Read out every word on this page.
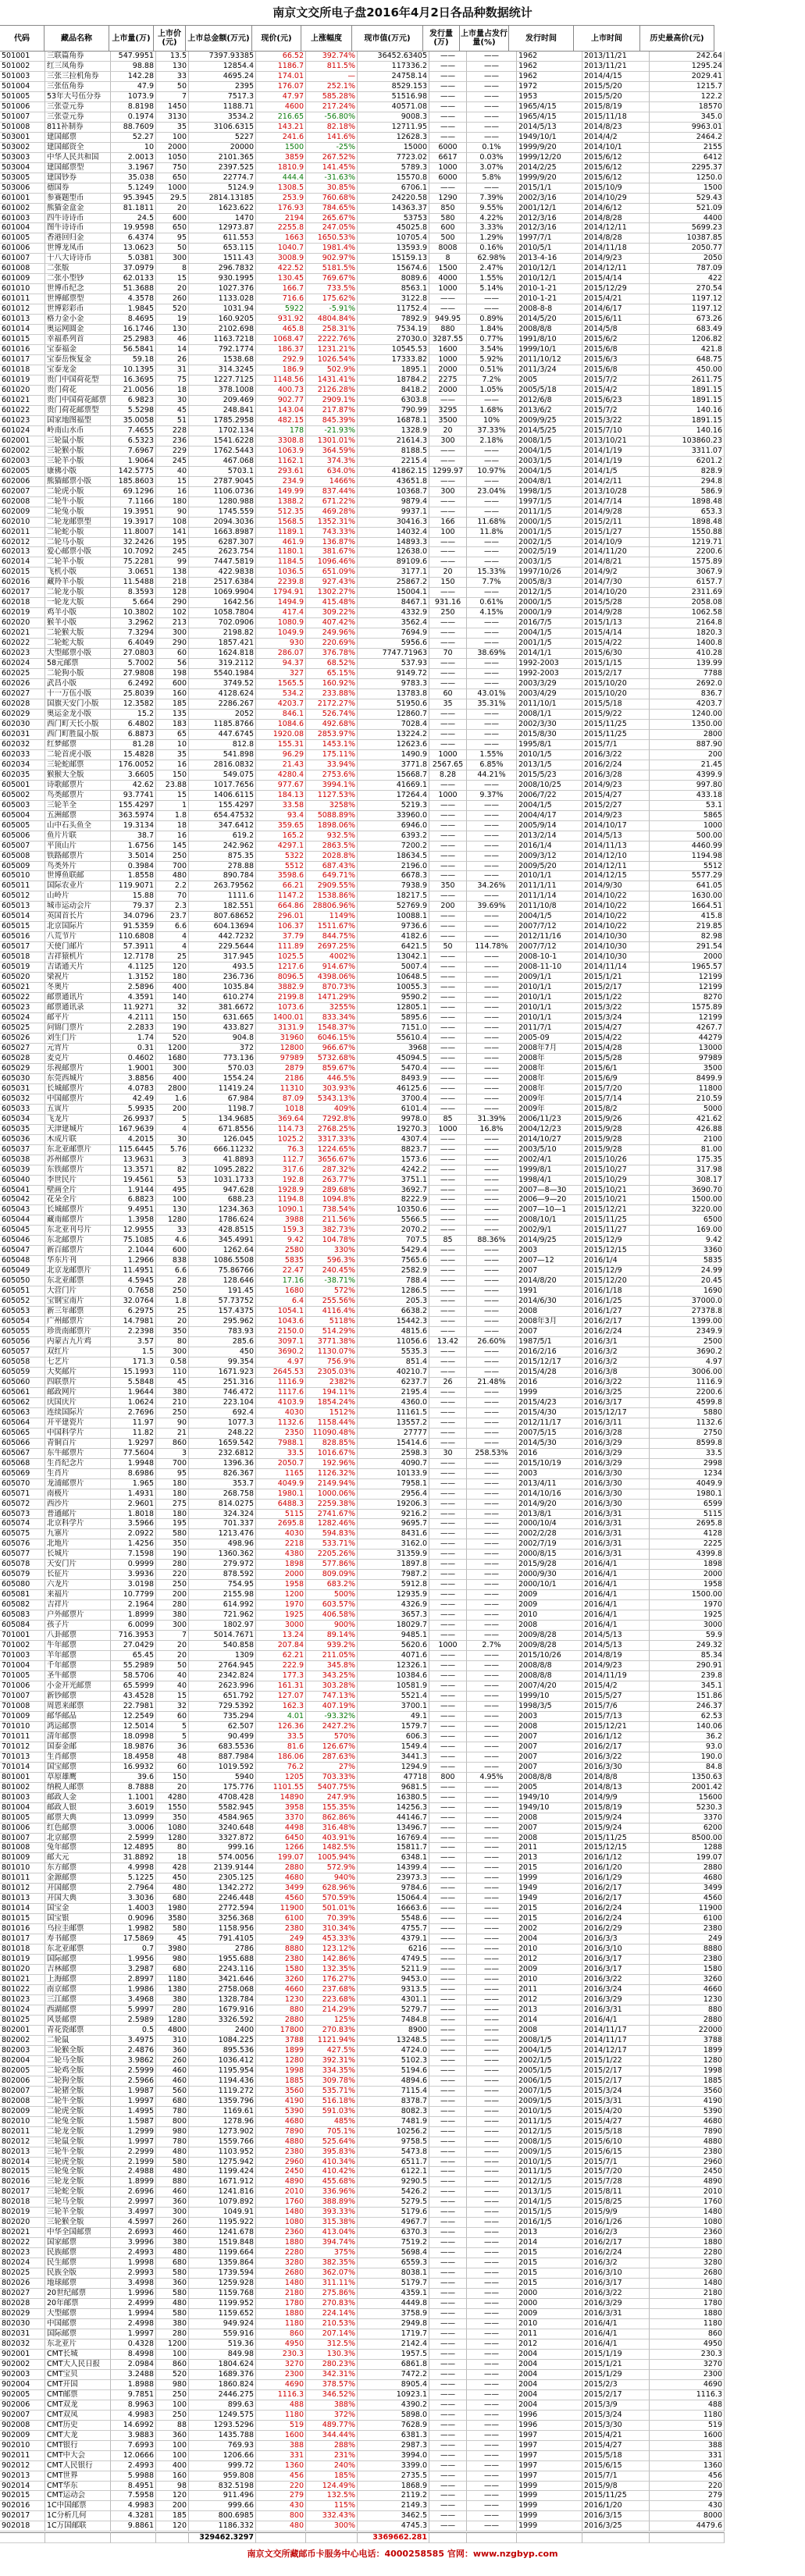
南京文交所电子盘2016年4月2日各品种数据统计
代码	藏品名称	上市量(万) 上市价(元)	上市总金额(万元)	现价(元)	上涨幅度	现市值(万元)	发行量(万)
上市量占发行量(%)	发行时间	上市时间	历史最高价(元)
501001	三联篇角券	547.9951	13.5	7397.93385	66.52	392.74%	36452.63405	——	——	1962	2013/11/21	242.64
501002	红三凤角券	98.88	130	12854.4	1186.7	811.5%	117336.2	——	——	1962	2013/11/21	1295.24
501003	三张三拉机角券	142.28	33	4695.24	174.01	—	24758.14	——	——	1962	2014/4/15	2029.41
501004	三张伍角券	47.9	50	2395	176.07	252.1%	8529.153	——	——	1972	2015/5/20	1215.7
501005	53年大号伍分券	1073.9	7	7517.3	47.97	585.28%	51516.98	——	——	1953	2015/5/20	122.2
501006	三张壹元券	8.8198	1450	1188.71	4600	217.24%	40571.08	——	——	1965/4/15	2015/8/19	18570
501007	三张壹元券	0.1974	3130	3534.2	216.65	-56.80%	9008.3	——	——	1965/4/15	2015/11/18	345.0
501008	811补制券	88.7609	35	3106.6315	143.21	82.18%	12711.95	——	——	2014/5/13	2014/8/23	9963.01
503001	建国邮票	52.27	100	5227	241.6	141.6%	12628.3	——	——	1949/10/1	2014/4/2	2464.2
503002	建国邮资全	10	2000	20000	1500	-25%	15000	6000	0.1%	1999/9/20	2014/10/1	2155
503003	中华人民共和国	2.0013	1050	2101.365	3859	267.52%	7723.02	6617	0.03%	1999/12/20	2015/6/12	6412
503004	建国邮票型	3.1967	750	2397.525	1810.9	141.45%	5789.3	1000	3.07%	2014/2/25	2015/6/12	2295.37
503005	建国钞券	35.038	650	22774.7	444.4	-31.63%	15570.8	6000	5.8%	1999/9/20	2015/6/12	1250.0
503006	德国券	5.1249	1000	5124.9	1308.5	30.85%	6706.1	——	——	2015/1/1	2015/10/9	1500
601001	参赛题型币	95.3945	29.5	2814.13185	253.9	760.68%	24220.58	1290	7.39%	2002/3/16	2014/10/29	529.43
601002	熊猫金盒金	81.1811	20	1623.622	176.93	784.65%	14363.37	850	9.55%	2001/12/1	2014/6/12	521.09
601003	四牛诗诗币	24.5	600	1470	2194	265.67%	53753	580	4.22%	2012/3/16	2014/8/28	4400
601004	图牛诗诗币	19.9598	650	12973.87	2255.8	247.05%	45025.8	600	3.33%	2012/3/16	2014/12/11	5699.23
601005	香港回归金	6.4374	95	611.553	1663	1650.53%	10705.4	500	1.29%	1997/7/1	2014/8/28	10387.85
601006	世博龙凤币	13.0623	50	653.115	1040.7	1981.4%	13593.9	8008	0.16%	2010/5/1	2014/11/18	2050.77
601007	十八大诗诗币	5.0381	300	1511.43	3008.9	902.97%	15159.13	8	62.98%	2013-4-16	2014/9/23	2050
601008	二张版	37.0979	8	296.7832	422.52	5181.5%	15674.6	1500	2.47%	2010/12/1	2014/12/11	787.09
601009	二张小型钞	62.0133	15	930.1995	130.45	769.67%	8089.6	4000	1.55%	2010/12/1	2015/4/14	422
601010	世博币纪念	51.3688	20	1027.376	166.7	733.5%	8563.1	1000	5.14%	2010-1-21	2015/12/29	270.54
601011	世博邮票型	4.3578	260	1133.028	716.6	175.62%	3122.8	——	——	2010-1-21	2015/4/21	1197.12
601012	世博彩彩币	1.9845	520	1031.94	5922	-5.91%	11752.4	——	——	2008-8-8	2014/6/17	1197.12
601013	格力金小金	8.4695	19	160.9205	931.92	4804.84%	7892.9	949.95	0.89%	2014/5/20	2015/6/11	673.26
601014	奥运网圆金	16.1746	130	2102.698	465.8	258.31%	7534.19	880	1.84%	2008/8/8	2014/5/8	683.49
601015	幸福系列首	25.2983	46	1163.7218	1068.47	2222.76%	27030.0 3287.55	0.77%	1991/8/10	2015/6/2	1206.82
601016	宝泰福金	56.5841	14	792.1774	186.37	1231.21%	10545.53	1600	3.54%	1999/10/1	2015/6/8	421.8
601017	宝泰岳恢复金	59.18	26	1538.68	292.9	1026.54%	17333.82	1000	5.92%	2011/10/12	2015/6/3	648.75
601018	宝泰龙金	10.1395	31	314.3245	186.9	502.9%	1895.1	2000	0.51%	2011/3/24	2015/6/8	450.00
601019	贵门中国荷花型	16.3695	75	1227.7125	1148.56	1431.41%	18784.2	2275	7.2%	2005	2015/7/2	2611.75
601020	贵门荷花	21.0056	18	378.1008	400.73	2126.28%	8418.2	2000	1.05%	2005/5/18	2015/4/2	1891.15
601021	贵门中国荷花邮票	6.9823	30	209.469	902.77	2909.1%	6303.8	——	——	2012/6/8	2015/6/23	1891.15
601022	贵门荷花邮票型	5.5298	45	248.841	143.04	217.87%	790.99	3295	1.68%	2013/6/2	2015/7/2	140.16
601023	国家地图福型	35.0058	51	1785.2958	482.15	845.39%	16878.1	3500	10%	2009/9/25	2015/3/22	1891.15
601024	岭南山水币	7.4655	228	1702.134	178	-21.93%	1328.9	20	37.33%	2014/5/25	2015/7/10	140.16
602001	三轮鼠小版	6.5323	236	1541.6228	3308.8	1301.01%	21614.3	300	2.18%	2008/1/5	2013/10/21	103860.23
602002	三轮猴小版	7.6967	229	1762.5443	1063.9	364.59%	8188.5	——	——	2004/1/5	2014/1/19	3311.07
602003	三轮羊小版	1.9064	245	467.068	1162.1	374.3%	2215.4	——	——	2003/1/5	2014/1/19	6201.2
602005	康佛小版	142.5775	40	5703.1	293.61	634.0%	41862.15 1299.97	10.97%	2004/1/5	2014/1/5	828.9
602006	熊猫邮票小版	185.8603	15	2787.9045	234.9	1466%	43651.8	——	——	2004/8/1	2014/2/11	294.8
602007	二轮虎小版	69.1296	16	1106.0736	149.99	837.44%	10368.7	300	23.04%	1998/1/5	2013/10/28	586.9
602008	二轮牛小版	7.1166	180	1280.988	1388.2	671.22%	9879.4	——	——	1997/1/5	2014/7/14	1898.48
602009	二轮兔小版	19.3951	90	1745.559	512.35	469.28%	9937.1	——	——	2011/1/5	2014/9/28	653.3
602010	二轮龙邮票型	19.3917	108	2094.3036	1568.5	1352.31%	30416.3	166	11.68%	2000/1/5	2015/2/11	1898.48
602011	二轮蛇小版	11.8007	141	1663.8987	1189.1	743.33%	14032.4	100	11.8%	2001/1/5	2015/1/27	1550.88
602012	二轮马小版	32.2426	195	6287.307	461.9	136.87%	14893.3	——	——	2002/1/5	2014/10/9	1219.71
602013	爱心邮票小版	10.7092	245	2623.754	1180.1	381.67%	12638.0	——	——	2002/5/19	2014/11/20	2200.6
602014	二轮羊小版	75.2281	99	7447.5819	1184.5	1096.46%	89109.6	——	——	2003/1/5	2014/8/21	1575.89
602015	飞机小版	3.0651	138	422.9838	1036.5	651.09%	3177.1	20	15.33%	1997/10/26	2014/9/2	3067.9
602016	藏羚羊小版	11.5488	218	2517.6384	2239.8	927.43%	25867.2	150	7.7%	2005/8/3	2014/7/30	6157.7
602017	二轮龙小版	8.3593	128	1069.9904	1794.91	1302.27%	15004.1	——	——	2012/1/5	2014/10/20	2311.69
602018	一轮龙大版	5.664	290	1642.56	1494.9	415.48%	8467.1	931.16	0.61%	2000/1/5	2015/5/28	2058.08
602019	鸡羊小版	10.3802	102	1058.7804	417.4	309.22%	4332.9	250	4.15%	2000/1/9	2014/9/28	1062.58
602020	猴羊小版	3.2962	213	702.0906	1080.9	407.42%	3562.4	——	——	2016/7/5	2015/1/13	2164.8
602021	二轮猴大版	7.3294	300	2198.82	1049.9	249.96%	7694.9	——	——	2004/1/5	2015/4/14	1820.3
602022	二轮蛇大版	6.4049	290	1857.421	930	220.69%	5956.6	——	——	2001/1/5	2015/4/22	1400.8
602023	大型邮票小版	27.0803	60	1624.818	286.07	376.78%	7747.71963	70	38.69%	2014/1/1	2015/6/30	410.28
602024	58元邮票	5.7002	56	319.2112	94.37	68.52%	537.93	——	——	1992-2003	2015/1/15	139.99
602025	二轮狗小版	27.9808	198	5540.1984	327	65.15%	9149.72	——	——	1992-2003	2015/2/17	7788
602026	武昌小版	6.2492	600	3749.52	1565.5	160.92%	9783.3	——	——	2003/3/29	2015/10/20	2692.0
602027	十一万伍小版	25.8039	160	4128.624	534.2	233.88%	13783.8	60	43.01%	2003/4/29	2015/10/20	836.7
602028	国旗天安门小版	12.3582	185	2286.267	4203.7	2172.27%	51950.6	35	35.31%	2011/10/1	2015/5/18	4203.7
602029	奥运金龙小版	15.2	135	2052	846.1	526.74%	12860.7	——	——	2008/1/1	2015/9/22	1240.00
602030	西门町天长小版	6.4802	183	1185.8766	1084.6	492.68%	7028.4	——	——	2002/3/30	2015/11/25	1350.00
602031	西门町胜鼠小版	6.8873	65	447.6745	1920.08	2853.97%	13224.2	——	——	2015/8/30	2015/11/25	2800
602032	红梦邮票	81.28	10	812.8	155.31	1453.1%	12623.6	——	——	1995/8/1	2015/7/1	887.90
602033	二轮首虎小版	15.4828	35	541.898	96.29	175.11%	1490.9	1000	1.55%	2010/1/5	2016/3/22	200
602034	三轮蛇邮票	176.0052	16	2816.0832	21.43	33.94%	3771.8 2567.65	6.85%	2013/1/5	2016/2/24	21.45
602035	猴猴大全版	3.6605	150	549.075	4280.4	2753.6%	15668.7	8.28	44.21%	2015/5/23	2016/3/28	4399.9
605001	诗歌邮票片	42.62	23.88	1017.7656	977.67	3994.1%	41669.1	——	——	2008/10/25	2014/9/23	997.80
605002	鸟类邮票片	93.7741	15	1406.6115	184.13	1127.53%	17264.4	1000	9.37%	2006/7/22	2015/4/27	433.18
605003	三轮羊全	155.4297	1	155.4297	33.58	3258%	5219.3	——	——	2004/1/5	2015/2/27	53.1
605004	五洲邮票	363.5974	1.8	654.47532	93.4	5088.89%	33960.0	——	——	2004/4/17	2014/9/23	5865
605005	山中石头鱼全	19.3134	18	347.6412	359.65	1898.06%	6946.0	——	——	2005/9/14	2014/10/17	1000
605006	鱼片片联	38.7	16	619.2	165.2	932.5%	6393.2	——	——	2013/2/14	2014/5/13	500.00
605007	平顶山片	1.6756	145	242.962	4297.1	2863.5%	7200.2	——	——	2016/1/4	2014/11/13	4460.99
605008	铁路邮票片	3.5014	250	875.35	5322	2028.8%	18634.5	——	——	2009/3/12	2014/12/10	1194.98
605009	鸟类外片	0.3984	700	278.88	5512	687.43%	2196.0	——	——	2009/5/20	2014/12/11	5512
605010	世博鱼联邮	1.8558	480	890.784	3598.6	649.71%	6678.3	——	——	2010/1/1	2014/12/15	5577.29
605011	国际农业片	119.9071	2.2	263.79562	66.21	2909.55%	7938.9	350	34.26%	2011/1/11	2014/9/30	641.05
605012	山岭片	15.88	70	1111.6	1147.2	1538.86%	18217.5	——	——	2011/1/14	2014/10/22	1630.00
605013	城市运动会片	79.37	2.3	182.551	664.86	28806.96%	52769.9	200	39.69%	2011/10/8	2014/10/22	1664.51
605014	英国首长片	34.0796	23.7	807.68652	296.01	1149%	10088.1	——	——	2004/1/5	2014/10/22	415.8
605015	北京国际片	91.5359	6.6	604.13694	106.37	1511.67%	9736.6	——	——	2007/7/12	2014/10/22	219.85
605016	八荒节片	110.6808	4	442.7232	37.79	844.75%	4182.6	——	——	2012/11/16	2014/10/30	82.98
605017	天使门邮片	57.3911	4	229.5644	111.89	2697.25%	6421.5	50	114.78%	2007/7/12	2014/10/30	291.54
605018	吉祥猿机片	12.7178	25	317.945	1025.5	4002%	13042.1	——	——	2008-10-1	2014/10/30	2000
605019	吉诺通天片	4.1125	120	493.5	1217.6	914.67%	5007.4	——	——	2008-11-10	2014/11/14	1965.57
605020	梁祝片	1.3152	180	236.736	8096.5	4398.06%	10648.5	——	——	2009/1/1	2015/1/21	12199
605021	冬奥片	2.5896	400	1035.84	3882.9	870.73%	10055.3	——	——	2010/1/1	2015/2/17	12199
605022	邮票通讯片	4.3591	140	610.274	2199.8	1471.29%	9590.2	——	——	2010/1/1	2015/1/22	8270
605023	邮票通讯录	11.9271	32	381.6672	1073.6	3255%	12805.1	——	——	2010/1/1	2015/3/22	1575.89
605024	邮平片	4.2111	150	631.665	1400.01	833.34%	5895.6	——	——	2010/1/1	2015/3/24	12199
605025	问锦门票片	2.2833	190	433.827	3131.9	1548.37%	7151.0	——	——	2011/7/1	2015/4/27	4267.7
605026	刘生门片	1.74	520	904.8	31960	6046.15%	55610.4	——	——	2005-09	2015/4/22	44279
605027	元宵片	0.31	1200	372	12800	966.67%	3968	——	——	2008年7月	2015/4/28	13000
605028	麦克片	0.4602	1680	773.136	97989	5732.68%	45094.5	——	——	2008年	2015/5/28	97989
605029	乐视邮票片	1.9001	300	570.03	2879	859.67%	5470.4	——	——	2008年	2015/6/1	3500
605030	东莞西城片	3.8856	400	1554.24	2186	446.5%	8493.9	——	——	2008年	2015/6/9	8499.9
605031	长城邮票片	4.0783	2800	11419.24	11310	303.93%	46125.6	——	——	2008年	2015/7/20	11800
605032	中国邮票片	42.49	1.6	67.984	87.09	5343.13%	3700.4	——	——	2009年	2015/7/14	210.59
605033	五寅片	5.9935	200	1198.7	1018	409%	6101.4	——	——	2009年	2015/8/2	5000
605034	飞龙片	26.9937	5	134.9685	369.64	7292.8%	9978.0	85	31.39%	2006/11/23	2015/9/26	421.62
605035	天津建城片	167.9639	4	671.8556	114.73	2768.25%	19270.3	1000	16.8%	2004/12/23	2015/9/28	426.88
605036	木成片联	4.2015	30	126.045	1025.2	3317.33%	4307.4	——	——	2014/10/27	2015/9/28	2100
605037	东北亚邮票片	115.6445	5.76	666.11232	76.3	1224.65%	8823.7	——	——	2003/5/10	2015/9/28	81.00
605038	苏州邮票片	13.9631	3	41.8893	112.7	3656.67%	1573.6	——	——	2002/4/1	2015/10/26	175.35
605039	东铁邮票片	13.3571	82	1095.2822	317.6	287.32%	4242.2	——	——	1999/8/1	2015/10/27	317.98
605040	李世民片	19.4561	53	1031.1733	192.8	263.77%	3751.1	——	——	1998/4/1	2015/10/29	308.17
605041	壁画全片	1.9144	495	947.628	1928.9	289.68%	3692.7	——	——	2007—8—30	2015/10/21	3690.70
605042	花朵全片	6.8823	100	688.23	1194.8	1094.8%	8222.9	——	——	2006—9—20	2015/10/21	1500.00
605043	长城邮票片	9.4951	130	1234.363	1090.1	738.54%	10350.6	——	——	2007—10—1	2015/12/21	3220.00
605044	藏南邮票片	1.3958	1280	1786.624	3988	211.56%	5566.5	——	——	2008/10/1	2015/11/25	6500
605045	东北亚刊号片	12.9955	33	428.8515	159.3	382.73%	2070.2	——	——	2002/9/1	2015/11/27	169.00
605046	东北邮票片	75.1085	4.6	345.4991	9.42	104.78%	707.5	85	88.36%	2014/9/25	2015/12/9	9.42
605047	新百邮票片	2.1044	600	1262.64	2580	330%	5429.4	——	——	2003	2015/12/15	3360
605048	华东片刊	1.2966	838	1086.5508	5835	596.3%	7565.6	——	——	2007—12	2016/1/4	5835
605049	北京龙邮票片	11.4951	6.6	75.86766	22.47	240.45%	2582.9	——	——	2007	2015/12/9	24.99
605050	东北亚邮票	4.5945	28	128.646	17.16	-38.71%	788.4	——	——	2014/8/20	2015/12/20	20.45
605051	大营门片	0.7658	250	191.45	1680	572%	1286.5	——	——	1991	2016/1/18	1690
605052	宝钢宝南片	32.0764	1.8	57.73752	6.4	255.56%	205.3	——	——	2014/6/30	2016/1/25	37000.0
605053	新三年邮票	6.2975	25	157.4375	1054.1	4116.4%	6638.2	——	——	2008	2016/1/27	27378.8
605054	广州邮票片	14.7981	20	295.962	1043.6	5118%	15442.3	——	——	2008年3月	2016/2/17	1399.00
605055	珍贵南邮票片	2.2398	350	783.93	2150.0	514.29%	4815.6	——	——	2007	2016/2/24	2349.9
605056	内蒙古九片鸡	3.57	80	285.6	3097.1	3771.38%	11056.6	13.42	26.60%	1987/5/1	2016/3/1	2500
605057	双红片	1.5	300	450	3690.2	1130.07%	5535.3	——	——	2016/2/16	2016/3/2	3690.2
605058	七艺片	171.3	0.58	99.354	4.97	756.9%	851.4	——	——	2015/12/17	2016/3/2	4.97
605059	大奖邮片	15.1993	110	1671.923	2645.53	2305.03%	40210.7	——	——	2015/4/28	2016/3/8	3006.00
605060	四联票片	5.5848	45	251.316	1116.9	2382%	6237.7	26	21.48%	2016	2016/3/22	1116.9
605061	邮政网片	1.9644	380	746.472	1117.6	194.11%	2195.4	——	——	1999	2016/3/25	2200.6
605062	庆国庆片	1.0624	210	223.104	4103.9	1854.24%	4360.0	——	——	2015/4/23	2016/3/17	4599.8
605063	连续国际片	2.7696	250	692.4	4030	1512%	11161.5	——	——	2015/4/30	2015/12/17	5880
605064	开平建瓷片	11.97	90	1077.3	1132.6	1158.44%	13557.2	——	——	2012/11/17	2016/3/11	1132.6
605065	中国科学片	11.82	21	248.22	2350	11090.48%	27777	——	——	2007/5/15	2016/3/28	2750
605066	青铜百片	1.9297	860	1659.542	7988.1	828.85%	15414.6	——	——	2014/5/30	2016/3/29	8599.8
605067	东牛邮票片	77.5604	3	232.6812	33.5	1016.67%	2598.3	30	258.53%	2016	2016/3/29	33.5
605068	生肖纪念片	1.9948	700	1396.36	2050.7	192.96%	4090.7	——	——	2015/10/19	2016/3/29	2998
605069	生肖片	8.6986	95	826.367	1165	1126.32%	10133.9	——	——	2003	2016/3/30	1234
605070	龙浦邮票片	1.965	180	353.7	4049.9	2149.94%	7958.1	——	——	2013/4/11	2016/3/30	4049.9
605071	南极片	1.4931	180	268.758	1980.1	1000.06%	2956.4	——	——	2014/10/16	2016/3/30	1980.1
605072	西沙片	2.9601	275	814.0275	6488.3	2259.38%	19206.3	——	——	2014/9/20	2016/3/30	6599
605073	普通邮片	1.8018	180	324.324	5115	2741.67%	9216.2	——	——	2013/8/1	2016/3/31	5115
605074	北京科学片	3.5966	195	701.337	2695.8	1282.46%	9695.7	——	——	2000/10/4	2016/3/31	2695.8
605075	九寨片	2.0922	580	1213.476	4030	594.83%	8431.6	——	——	2002/2/28	2016/3/31	4128
605076	北地片	1.4256	350	498.96	2218	533.71%	3162.0	——	——	2002/7/19	2016/3/31	2225
605077	长城片	7.1598	190	1360.362	4380	2205.26%	31359.9	——	——	2000/8/15	2016/3/31	4399.8
605078	天安门片	0.9999	280	279.972	1898	577.86%	1897.8	——	——	2015/9/28	2016/4/1	1898
605079	长征片	3.9936	220	878.592	2000	809.09%	7987.2	——	——	2000/9/30	2016/4/1	2000
605080	六龙片	3.0198	250	754.95	1958	683.2%	5912.8	——	——	2000/10/1	2016/4/1	1958
605081	来福片	10.7799	200	2155.98	1200	500%	12935.9	——	——	2009	2016/4/1	1500.00
605082	吉祥片	2.1964	280	614.992	1970	603.57%	4326.9	——	——	2009	2016/4/1	1970
605083	户外邮票片	1.8999	380	721.962	1925	406.58%	3657.3	——	——	2010	2016/4/1	1925
605084	孩子片	6.0099	300	1802.97	3000	900%	18029.7	——	——	2008	2016/4/1	3000
701001	八卦邮票	716.3953	7	5014.7671	13.24	89.14%	9485.1	——	——	2009/8/28	2014/5/13	59.9
701002	牛年邮票	27.0429	20	540.858	207.84	939.2%	5620.6	1000	2.7%	2009/8/28	2014/5/13	249.32
701003	羊年邮票	65.45	20	1309	62.21	211.05%	4071.6	——	——	2015/10/26	2014/8/19	85.34
701004	千年邮票	55.2989	50	2764.945	222.9	345.8%	12326.1	——	——	2008/8/8	2014/9/23	290.91
701005	圣牛邮票	58.5706	40	2342.824	177.3	343.25%	10384.6	——	——	2008/8/8	2014/11/19	239.8
701006	小金开光邮票	65.5999	40	2623.996	161.31	303.28%	10581.9	——	——	2007/4/20	2015/4/2	345.1
701007	新钞邮票	43.4528	15	651.792	127.07	747.13%	5521.4	——	——	1999/10	2015/5/27	151.86
701008	周恩来邮票	22.7981	32	729.5392	162.3	407.19%	3700.1	——	——	1998/3/5	2015/7/6	246.37
701009	邮华邮品	12.2549	60	735.294	4.01	-93.32%	49.1	——	——	2003	2015/7/13	62.53
701010	鸿运邮票	12.5014	5	62.507	126.36	2427.2%	1579.7	——	——	2008	2015/12/21	140.06
701011	清年邮票	18.0998	5	90.499	33.5	570%	606.3	——	——	2007	2016/1/12	36.2
701012	国泰金邮	18.9876	36	683.5536	81.6	126.67%	1549.4	——	——	2007	2016/2/17	93.0
701013	生肖邮票	18.4958	48	887.7984	186.06	287.63%	3441.3	——	——	2007	2016/3/22	190.0
701014	国宝邮票	16.9932	60	1019.592	76.2	27%	1294.9	——	——	2007	2016/3/30	84.8
801001	草原雄鹰	39.6	150	5940	1205	703.33%	47718	800	4.95%	2008/8/8	2014/8/8	1350.63
801002	纳税人邮票	8.7888	20	175.776	1101.55	5407.75%	9681.5	——	——	2005	2014/8/13	2001.42
801003	邮政人金	1.1001	4280	4708.428	14890	247.9%	16380.5	——	——	1949/10	2014/9/9	15600
801004	邮政人银	3.6019	1550	5582.945	3958	155.35%	14256.3	——	——	1949/10	2015/8/19	5230.3
801005	邮票大典	13.0999	350	4584.965	3370	862.86%	44146.7	——	——	2008	2015/9/24	3370
801006	红色邮票	3.0006	1080	3240.648	4498	316.48%	13496.7	——	——	2007	2015/9/24	6200
801007	北京邮票	2.5999	1280	3327.872	6450	403.91%	16769.4	——	——	2008	2015/11/25	8500.00
801008	兔年邮票	12.4895	80	999.16	1266	1482.5%	15811.7	——	——	2011	2015/12/15	1288
801009	邮大元	31.8892	18	574.0056	199.07	1005.94%	6348.1	——	——	2013	2016/1/12	199.07
801010	东方邮票	4.9998	428	2139.9144	2880	572.9%	14399.4	——	——	2015	2016/1/20	2880
801011	金源邮票	5.1225	450	2305.125	4680	940%	23973.3	——	——	1999	2016/1/29	4680
801012	开国邮票	2.7964	480	1342.272	3499	628.96%	9784.6	——	——	1949	2016/2/17	3499
801013	开国大典	3.3036	680	2246.448	4560	570.59%	15064.4	——	——	1949	2016/2/17	4560
801014	国宝金	1.4003	1980	2772.594	11900	501.01%	16663.6	——	——	2015	2016/2/24	11900
801015	国宝银	0.9096	3580	3256.368	6100	70.39%	5548.6	——	——	2015	2016/2/24	6100
801016	乌拉圭邮票	1.9982	580	1158.956	2380	310.34%	4755.7	——	——	2002	2016/2/29	2380
801017	寿书邮票	17.5869	45	791.4105	249	453.33%	4379.1	——	——	2004	2016/3/3	249
801018	东北亚邮票	0.7	3980	2786	8880	123.12%	6216	——	——	2010	2016/3/10	8880
801019	国际邮票	1.9956	980	1955.688	2380	142.86%	4749.5	——	——	2012	2016/3/17	2380
801020	吉林邮票	3.2987	680	2243.116	1580	132.35%	5211.9	——	——	2009	2016/3/17	1580
801021	上海邮票	2.8997	1180	3421.646	3260	176.27%	9453.0	——	——	2010	2016/3/22	3260
801022	南京邮票	1.9986	1380	2758.068	4660	237.68%	9313.5	——	——	2011	2016/3/24	4660
801023	三江邮票	3.4968	380	1328.784	1230	223.68%	4301.1	——	——	2012	2016/3/29	1230
801024	西湖邮票	5.9997	280	1679.916	880	214.29%	5279.7	——	——	2013	2016/3/31	880
801025	风景邮票	2.5989	1280	3326.592	2880	125%	7484.8	——	——	2014	2016/4/1	2880
802001	青花瓷邮票	0.5	4800	2400	17800	270.83%	8900	——	——	2008	2014/11/17	22000
802002	二轮鼠	3.4975	310	1084.225	3788	1121.94%	13248.5	——	——	2008/1/5	2014/11/17	3788
802003	二轮猴全版	2.4876	360	895.536	1899	427.5%	4724.0	——	——	2004/1/5	2014/12/17	1899
802004	二轮马全版	3.9862	260	1036.412	1280	392.31%	5102.3	——	——	2002/1/5	2015/1/22	1280
802005	二轮鸡全版	2.5999	460	1195.954	1998	334.35%	5194.6	——	——	2005/1/5	2015/2/17	1998
802006	二轮狗全版	2.5966	460	1194.436	1885	309.78%	4894.6	——	——	2006/1/5	2015/2/17	1885
802007	二轮猪全版	1.9987	560	1119.272	3560	535.71%	7115.4	——	——	2007/1/5	2015/3/24	3560
802008	二轮牛全版	1.9997	680	1359.796	4190	516.18%	8378.7	——	——	2009/1/5	2015/3/31	4190
802009	二轮虎全版	1.4995	780	1169.61	5390	591.03%	8082.3	——	——	2010/1/5	2015/4/20	5390
802010	二轮兔全版	1.5987	800	1278.96	4680	485%	7481.9	——	——	2011/1/5	2015/4/27	4680
802011	二轮龙全版	1.2999	980	1273.902	7890	705.1%	10256.2	——	——	2012/1/5	2015/5/18	7890
802012	三轮鼠全版	1.9997	780	1559.766	4880	525.64%	9758.5	——	——	2008/1/5	2015/6/10	4880
802013	三轮牛全版	2.2999	480	1103.952	2380	395.83%	5473.8	——	——	2009/1/5	2015/6/15	2380
802014	三轮虎全版	2.1999	580	1275.942	2960	410.34%	6511.7	——	——	2010/1/5	2015/7/1	2960
802015	三轮兔全版	2.4988	480	1199.424	2450	410.42%	6122.1	——	——	2011/1/5	2015/7/20	2450
802016	三轮龙全版	1.8999	880	1671.912	4890	455.68%	9290.5	——	——	2012/1/5	2015/7/28	4890
802017	三轮蛇全版	2.6996	460	1241.816	2010	336.96%	5426.2	——	——	2013/1/5	2015/8/11	2010
802018	三轮马全版	2.9997	360	1079.892	1760	388.89%	5279.5	——	——	2014/1/5	2015/8/25	1760
802019	三轮羊全版	3.4997	300	1049.91	1480	393.33%	5179.6	——	——	2015/1/5	2015/9/9	1480
802020	三轮猴全版	4.5997	260	1195.922	1080	315.38%	4967.7	——	——	2016/1/5	2016/1/26	1080
802021	中华全国邮票	2.6993	460	1241.678	2360	413.04%	6370.3	——	——	2013	2016/2/3	2360
802022	国家邮票	3.9996	380	1519.848	1880	394.74%	7519.2	——	——	2014	2016/2/17	1880
802023	民族邮票	2.4993	480	1199.664	2280	375%	5698.4	——	——	2015	2016/2/24	2280
802024	民生邮票	1.9998	680	1359.864	3280	382.35%	6559.3	——	——	2015	2016/3/2	3280
802025	民族全版	2.9993	580	1739.594	2680	362.07%	8038.1	——	——	2015	2016/3/10	2680
802026	地球邮票	3.4998	360	1259.928	1480	311.11%	5179.7	——	——	2015	2016/3/17	1480
802027	20世纪邮票	1.9996	580	1159.768	2180	275.86%	4359.1	——	——	2000	2016/3/22	2180
802028	20年邮票	2.4999	480	1199.952	1780	270.83%	4449.8	——	——	2000	2016/3/29	1780
802029	大型邮票	1.9994	580	1159.652	1880	224.14%	3758.9	——	——	2009	2016/3/31	1880
802030	中国邮票	2.4998	380	949.924	1180	210.53%	2949.8	——	——	2010	2016/4/1	1180
802031	国际邮票	1.9997	280	559.916	860	207.14%	1719.7	——	——	2011	2016/4/1	860
802032	东北亚片	0.4328	1200	519.36	4950	312.5%	2142.4	——	——	2012	2016/4/1	4950
902001	CMT长城	8.4998	100	849.98	230.3	130.3%	1957.5	——	——	2004	2015/1/19	230.3
902002	CMT大人民日报	2.0984	860	1804.624	3270	280.23%	6861.8	——	——	2004	2015/1/21	3270
902003	CMT宝贝	3.2488	520	1689.376	2300	342.31%	7472.2	——	——	2004	2015/1/29	2300
902004	CMT开国	1.8988	980	1860.824	4690	378.57%	8905.4	——	——	2004	2015/2/3	4690
902005	CMT邮票	9.7851	250	2446.275	1116.3	346.52%	10923.1	——	——	2004	2015/2/17	1116.3
902006	CMT双龙	8.9963	100	899.63	488	388%	4390.2	——	——	2004	2015/3/9	488
902007	CMT双凤	4.9983	250	1249.575	1180	372%	5898.0	——	——	1996	2015/3/24	1180
902008	CMT历史	14.6992	88	1293.5296	519	489.77%	7628.9	——	——	1996	2015/3/30	519
902009	CMT大龙	3.9883	360	1435.788	1600	344.44%	6381.3	——	——	1997	2015/4/21	1600
902010	CMT银行	7.6993	100	769.93	388	288%	2987.3	——	——	1997	2015/4/27	388
902011	CMT中大会	12.0666	100	1206.66	331	231%	3994.0	——	——	1997	2015/5/18	331
902012	CMT人民银行	2.4993	400	999.72	1360	240%	3399.0	——	——	1997	2015/6/15	1360
902013	CMT世界	5.9988	160	959.808	456	185%	2735.5	——	——	1997	2015/7/1	456
902014	CMT华东	8.4951	98	832.5198	220	124.49%	1868.9	——	——	1999	2015/9/8	220
902015	CMT运动会	7.5958	120	911.496	279	132.5%	2119.2	——	——	1999	2015/11/25	279
902016	1C中国邮票	4.9983	200	999.66	430	115%	2149.3	——	——	1999	2016/1/20	430
902017	1C分析几何	4.3281	185	800.6985	800	332.43%	3462.5	——	——	1999	2016/3/15	8000
902018	1C万国邮联	9.8861	120	1186.332	480	300%	4745.3	——	——	1999	2016/3/25	4479.6
329462.3297	3369662.281
南京文交所藏邮币卡服务中心电话：4000258585 官网：www.nzgbyp.com
